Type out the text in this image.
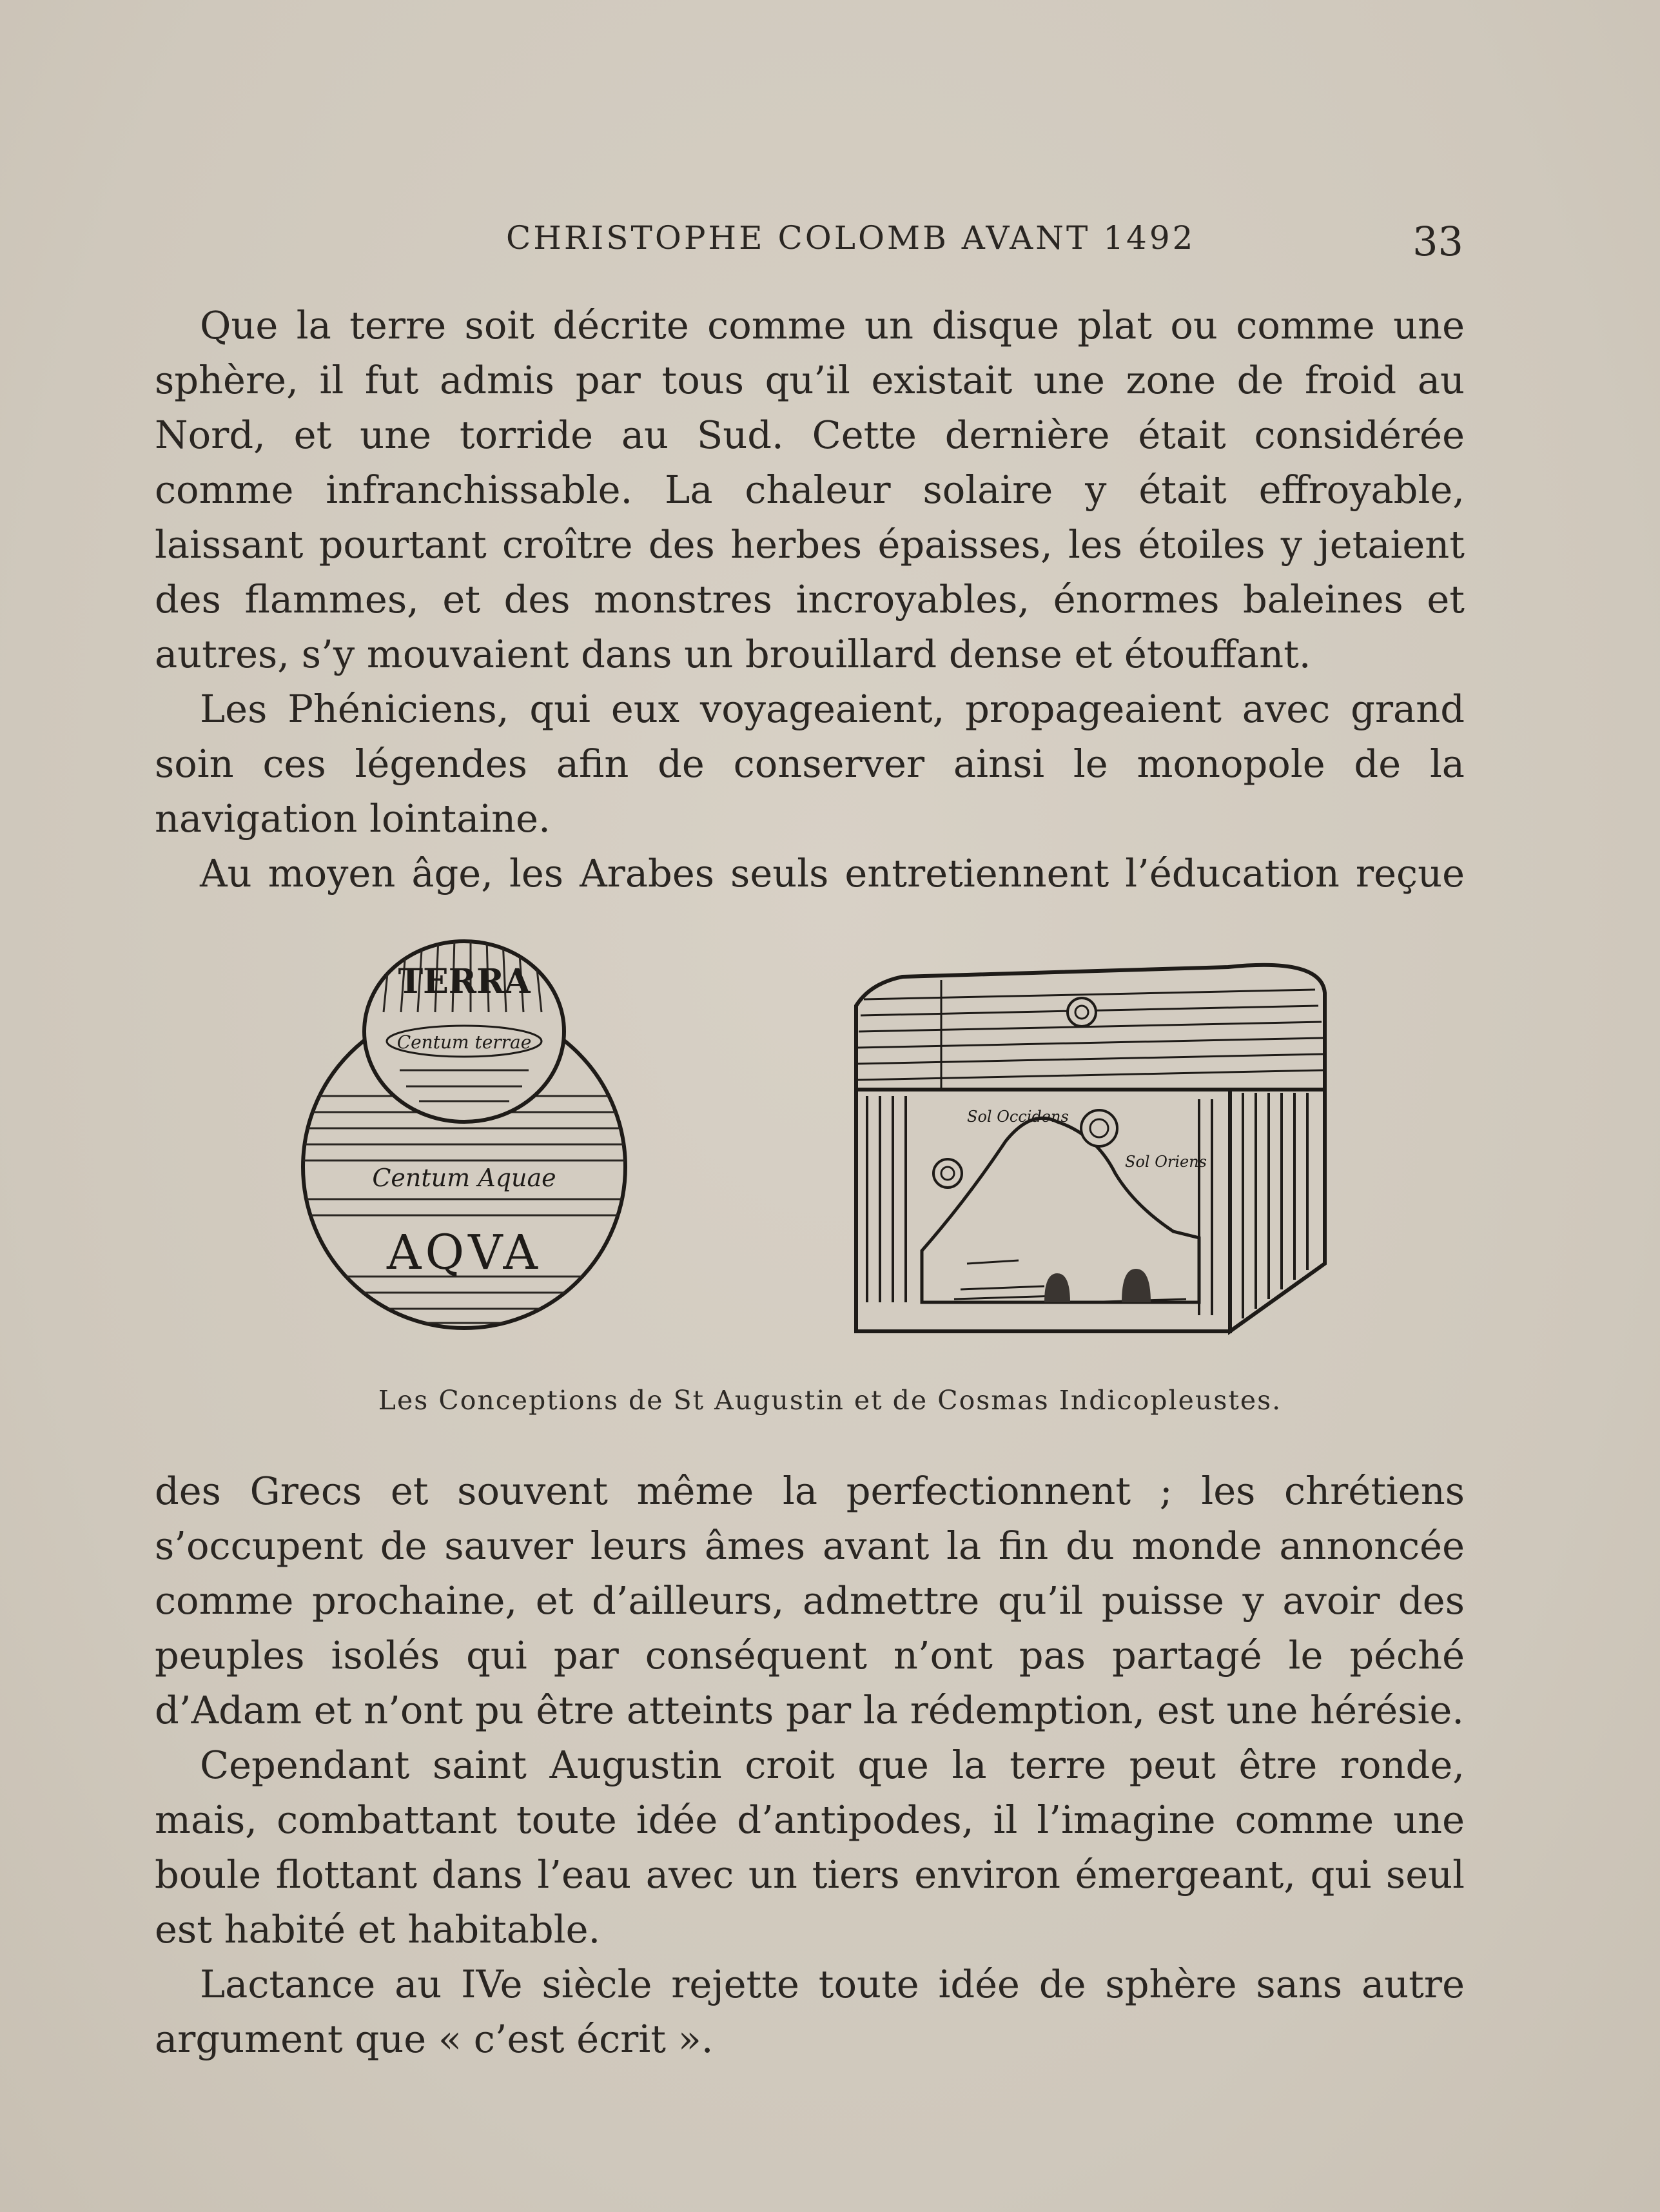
CHRISTOPHE COLOMB AVANT 1492	33

Que la terre soit décrite comme un disque plat ou comme une sphère, il fut admis par tous qu’il existait une zone de froid au Nord, et une torride au Sud. Cette dernière était considérée comme infranchissable. La chaleur solaire y était effroyable, laissant pourtant croître des herbes épaisses, les étoiles y jetaient des flammes, et des monstres incroyables, énormes baleines et autres, s’y mouvaient dans un brouillard dense et étouffant.

Les Phéniciens, qui eux voyageaient, propageaient avec grand soin ces légendes afin de conserver ainsi le monopole de la navigation lointaine.

Au moyen âge, les Arabes seuls entretiennent l’éducation reçue

TERRA
Centum terrae
Centum Aquae
AQVA
Sol Occidens
Sol Oriens
Les Conceptions de St Augustin et de Cosmas Indicopleustes.

des Grecs et souvent même la perfectionnent ; les chrétiens s’occupent de sauver leurs âmes avant la fin du monde annoncée comme prochaine, et d’ailleurs, admettre qu’il puisse y avoir des peuples isolés qui par conséquent n’ont pas partagé le péché d’Adam et n’ont pu être atteints par la rédemption, est une hérésie.

Cependant saint Augustin croit que la terre peut être ronde, mais, combattant toute idée d’antipodes, il l’imagine comme une boule flottant dans l’eau avec un tiers environ émergeant, qui seul est habité et habitable.

Lactance au IVe siècle rejette toute idée de sphère sans autre argument que « c’est écrit ».
